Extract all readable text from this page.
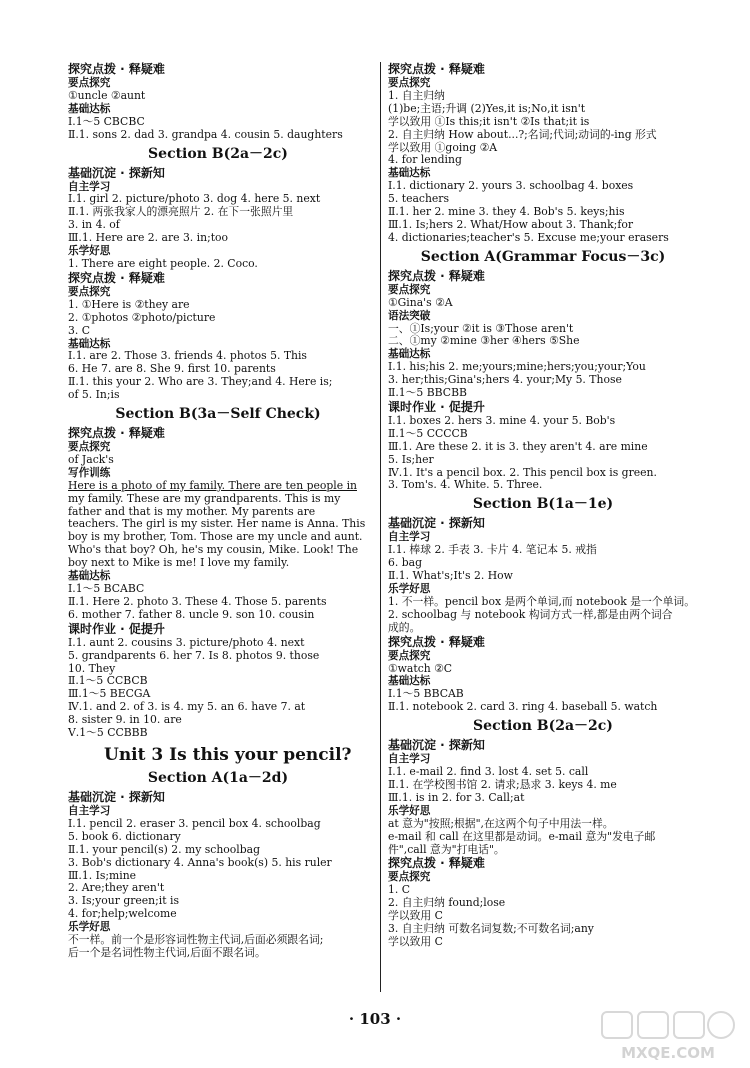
探究点拨 · 释疑难
要点探究
①uncle ②aunt
基础达标
Ⅰ.1～5 CBCBC
Ⅱ.1. sons 2. dad 3. grandpa 4. cousin 5. daughters
Section B(2a－2c)
基础沉淀 · 探新知
自主学习
Ⅰ.1. girl 2. picture/photo 3. dog 4. here 5. next
Ⅱ.1. 两张我家人的漂亮照片 2. 在下一张照片里
3. in 4. of
Ⅲ.1. Here are 2. are 3. in;too
乐学好思
1. There are eight people. 2. Coco.
探究点拨 · 释疑难
要点探究
1. ①Here is ②they are
2. ①photos ②photo/picture
3. C
基础达标
Ⅰ.1. are 2. Those 3. friends 4. photos 5. This
6. He 7. are 8. She 9. first 10. parents
Ⅱ.1. this your 2. Who are 3. They;and 4. Here is;
of 5. In;is
Section B(3a－Self Check)
探究点拨 · 释疑难
要点探究
of Jack's
写作训练
Here is a photo of my family. There are ten people in my family. These are my grandparents. This is my father and that is my mother. My parents are teachers. The girl is my sister. Her name is Anna. This boy is my brother, Tom. Those are my uncle and aunt. Who's that boy? Oh, he's my cousin, Mike. Look! The boy next to Mike is me! I love my family.
基础达标
Ⅰ.1～5 BCABC
Ⅱ.1. Here 2. photo 3. These 4. Those 5. parents
6. mother 7. father 8. uncle 9. son 10. cousin
课时作业 · 促提升
Ⅰ.1. aunt 2. cousins 3. picture/photo 4. next
5. grandparents 6. her 7. Is 8. photos 9. those
10. They
Ⅱ.1～5 CCBCB
Ⅲ.1～5 BECGA
Ⅳ.1. and 2. of 3. is 4. my 5. an 6. have 7. at
8. sister 9. in 10. are
Ⅴ.1～5 CCBBB
Unit 3 Is this your pencil?
Section A(1a－2d)
基础沉淀 · 探新知
自主学习
Ⅰ.1. pencil 2. eraser 3. pencil box 4. schoolbag
5. book 6. dictionary
Ⅱ.1. your pencil(s) 2. my schoolbag
3. Bob's dictionary 4. Anna's book(s) 5. his ruler
Ⅲ.1. Is;mine
2. Are;they aren't
3. Is;your green;it is
4. for;help;welcome
乐学好思
不一样。前一个是形容词性物主代词,后面必须跟名词;
后一个是名词性物主代词,后面不跟名词。
探究点拨 · 释疑难
要点探究
1. 自主归纳
(1)be;主语;升调 (2)Yes,it is;No,it isn't
学以致用 ①Is this;it isn't ②Is that;it is
2. 自主归纳 How about...?;名词;代词;动词的-ing 形式
学以致用 ①going ②A
4. for lending
基础达标
Ⅰ.1. dictionary 2. yours 3. schoolbag 4. boxes
5. teachers
Ⅱ.1. her 2. mine 3. they 4. Bob's 5. keys;his
Ⅲ.1. Is;hers 2. What/How about 3. Thank;for
4. dictionaries;teacher's 5. Excuse me;your erasers
Section A(Grammar Focus－3c)
探究点拨 · 释疑难
要点探究
①Gina's ②A
语法突破
一、①Is;your ②it is ③Those aren't
二、①my ②mine ③her ④hers ⑤She
基础达标
Ⅰ.1. his;his 2. me;yours;mine;hers;you;your;You
3. her;this;Gina's;hers 4. your;My 5. Those
Ⅱ.1～5 BBCBB
课时作业 · 促提升
Ⅰ.1. boxes 2. hers 3. mine 4. your 5. Bob's
Ⅱ.1～5 CCCCB
Ⅲ.1. Are these 2. it is 3. they aren't 4. are mine
5. Is;her
Ⅳ.1. It's a pencil box. 2. This pencil box is green.
3. Tom's. 4. White. 5. Three.
Section B(1a－1e)
基础沉淀 · 探新知
自主学习
Ⅰ.1. 棒球 2. 手表 3. 卡片 4. 笔记本 5. 戒指
6. bag
Ⅱ.1. What's;It's 2. How
乐学好思
1. 不一样。pencil box 是两个单词,而 notebook 是一个单词。
2. schoolbag 与 notebook 构词方式一样,都是由两个词合
成的。
探究点拨 · 释疑难
要点探究
①watch ②C
基础达标
Ⅰ.1～5 BBCAB
Ⅱ.1. notebook 2. card 3. ring 4. baseball 5. watch
Section B(2a－2c)
基础沉淀 · 探新知
自主学习
Ⅰ.1. e-mail 2. find 3. lost 4. set 5. call
Ⅱ.1. 在学校图书馆 2. 请求;恳求 3. keys 4. me
Ⅲ.1. is in 2. for 3. Call;at
乐学好思
at 意为"按照;根据",在这两个句子中用法一样。
e-mail 和 call 在这里都是动词。e-mail 意为"发电子邮
件",call 意为"打电话"。
探究点拨 · 释疑难
要点探究
1. C
2. 自主归纳 found;lose
学以致用 C
3. 自主归纳 可数名词复数;不可数名词;any
学以致用 C
· 103 ·
MXQE.COM
